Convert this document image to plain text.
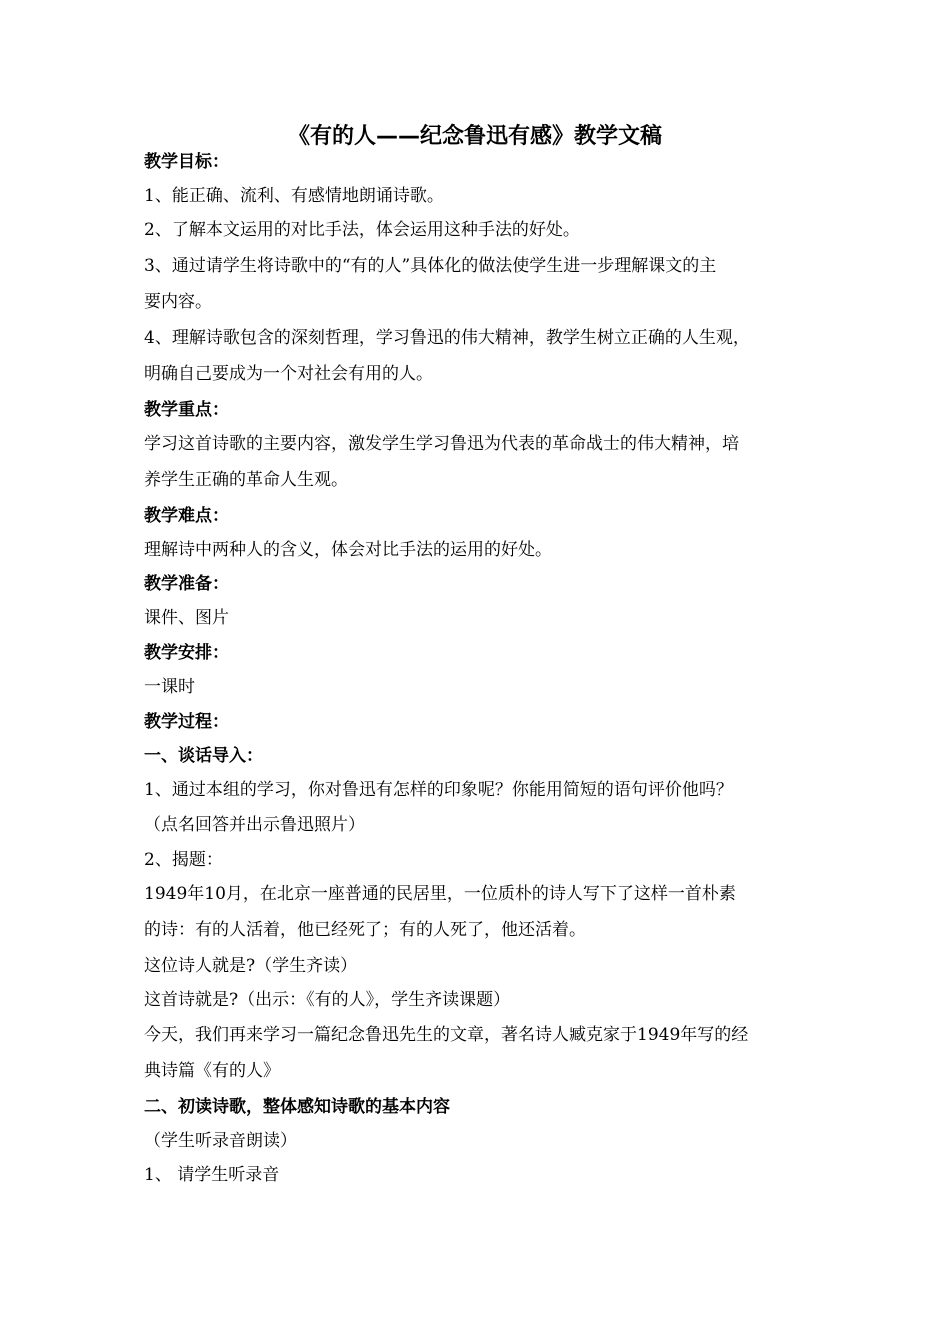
《有的人——纪念鲁迅有感》教学文稿
教学目标：
1、能正确、流利、有感情地朗诵诗歌。
2、了解本文运用的对比手法，体会运用这种手法的好处。
3、通过请学生将诗歌中的“有的人”具体化的做法使学生进一步理解课文的主
要内容。
4、理解诗歌包含的深刻哲理，学习鲁迅的伟大精神，教学生树立正确的人生观，
明确自己要成为一个对社会有用的人。
教学重点：
学习这首诗歌的主要内容，激发学生学习鲁迅为代表的革命战士的伟大精神，培
养学生正确的革命人生观。
教学难点：
理解诗中两种人的含义，体会对比手法的运用的好处。
教学准备：
课件、图片
教学安排：
一课时
教学过程：
一、谈话导入：
1、通过本组的学习，你对鲁迅有怎样的印象呢？你能用简短的语句评价他吗？
（点名回答并出示鲁迅照片）
2、揭题：
1949年10月，在北京一座普通的民居里，一位质朴的诗人写下了这样一首朴素
的诗：有的人活着，他已经死了；有的人死了，他还活着。
这位诗人就是?（学生齐读）
这首诗就是?（出示：《有的人》，学生齐读课题）
今天，我们再来学习一篇纪念鲁迅先生的文章，著名诗人臧克家于1949年写的经
典诗篇《有的人》
二、初读诗歌，整体感知诗歌的基本内容
（学生听录音朗读）
1、 请学生听录音
